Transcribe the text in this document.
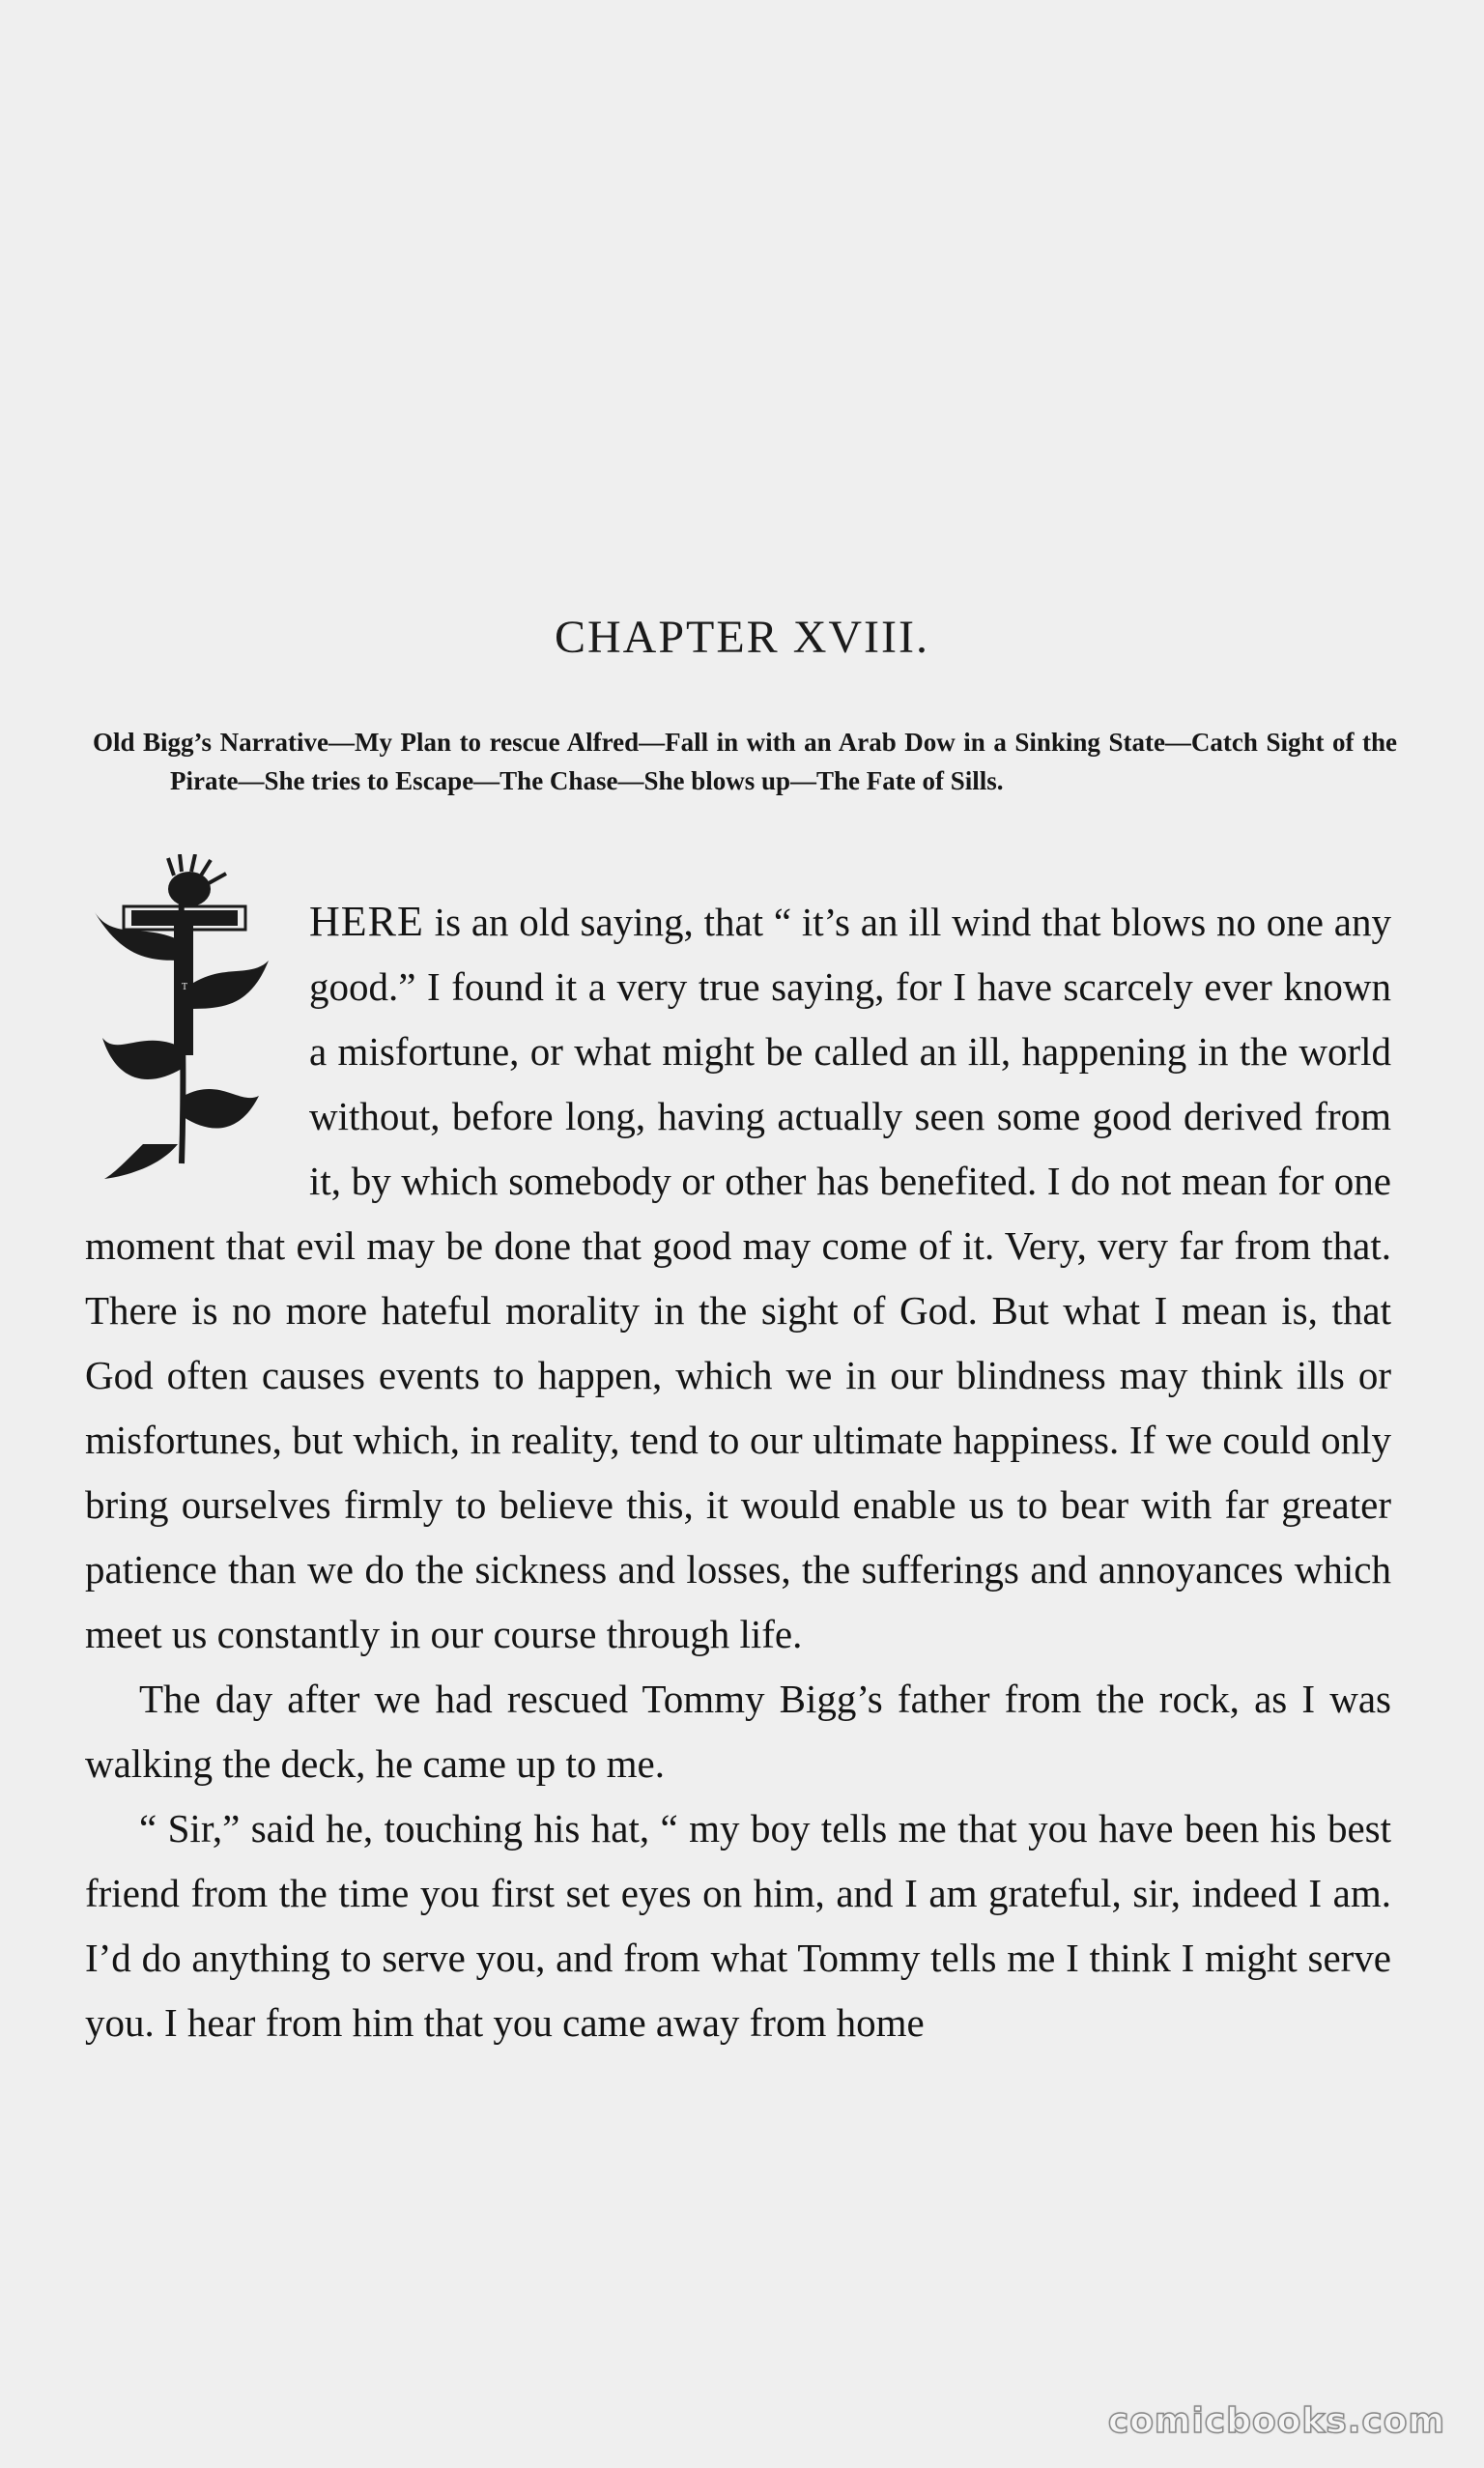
CHAPTER XVIII.
Old Bigg’s Narrative—My Plan to rescue Alfred—Fall in with an Arab Dow in a Sinking State—Catch Sight of the Pirate—She tries to Escape—The Chase—She blows up—The Fate of Sills.

T
HERE is an old saying, that “ it’s an ill wind that blows no one any good.” I found it a very true saying, for I have scarcely ever known a misfortune, or what might be called an ill, happening in the world without, before long, having actually seen some good derived from it, by which somebody or other has benefited. I do not mean for one moment that evil may be done that good may come of it. Very, very far from that. There is no more hateful morality in the sight of God. But what I mean is, that God often causes events to happen, which we in our blindness may think ills or misfortunes, but which, in reality, tend to our ultimate happiness. If we could only bring ourselves firmly to believe this, it would enable us to bear with far greater patience than we do the sickness and losses, the sufferings and annoyances which meet us constantly in our course through life.

The day after we had rescued Tommy Bigg’s father from the rock, as I was walking the deck, he came up to me.

“ Sir,” said he, touching his hat, “ my boy tells me that you have been his best friend from the time you first set eyes on him, and I am grateful, sir, indeed I am. I’d do anything to serve you, and from what Tommy tells me I think I might serve you. I hear from him that you came away from home

comicbooks.com
